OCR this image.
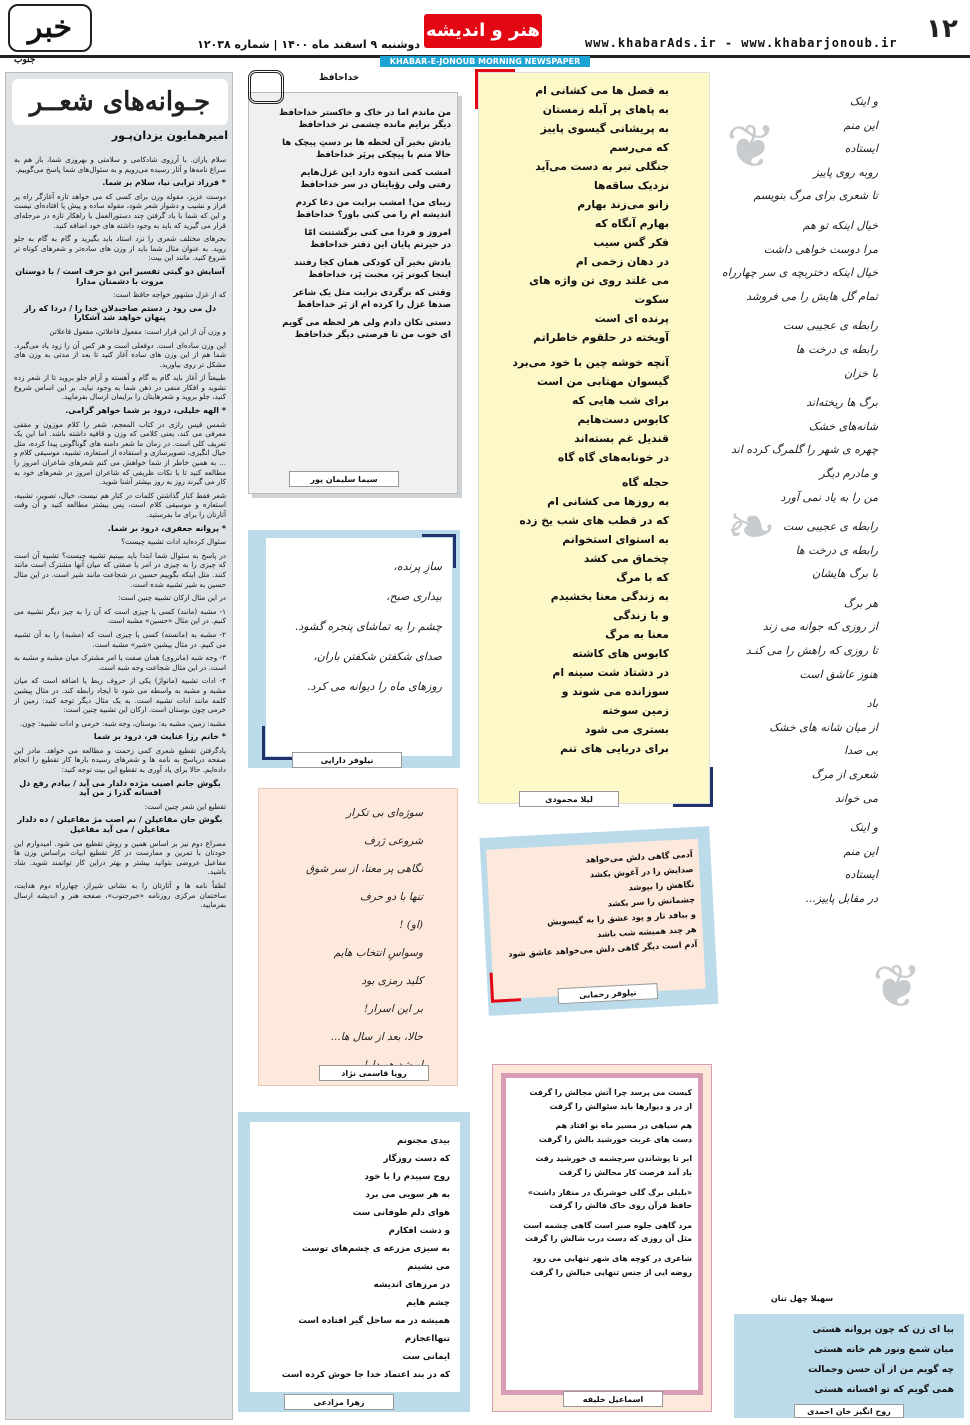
۱۲
www.khabarAds.ir - www.khabarjonoub.ir
هنر و اندیشه
دوشنبه ۹ اسفند ماه ۱۴۰۰ | شماره ۱۲۰۳۸
خبر
جنوب	KHABAR-E-JONOUB MORNING NEWSPAPER
جـوانه‌های شعــر
امیرهمایون یزدان‌پـور

سلام یاران. با آرزوی شادکامی و سلامتی و بهروزی شما، باز هم به سراغ نامه‌ها و آثار رسیده می‌رویم و به سئوال‌های شما پاسخ می‌گوییم.

* فرزاد ترابی نیا، سلام بر شما.

دوست عزیز، مقوله وزن برای کسی که می خواهد تازه آغازگر راه پر فراز و نشیب و دشوار شعر شود، مقوله ساده و پیش پا افتاده‌ای نیست و این که شما با یاد گرفتن چند دستورالعمل یا راهکار تازه در مرحله‌ای قرار می گیرید که باید به وجود داشته های خود اضافه کنید.

بحرهای مختلف شعری را نزد استاد باید بگیرید و گام به گام به جلو روید. به عنوان مثال شما باید از وزن های ساده‌تر و شعرهای کوتاه تر شروع کنید. مانند این بیت:

آسایش دو گیتی تفسیر این دو حرف است / با دوستان مروت با دشمنان مدارا

که از غزل مشهور خواجه حافظ است:

دل می رود ز دستم صاحبدلان خدا را / دردا که راز پنهان خواهد شد آشکارا

و وزن آن از این قرار است: مفعول فاعلاتن، مفعول فاعلاتن

این وزن ساده‌ای است. دوفعلی است و هر کس آن را زود یاد می‌گیرد. شما هم از این وزن های ساده آغاز کنید تا بعد از مدتی به وزن های مشکل تر روی بیاورید.

طبیعتاً از آغاز باید گام به گام و آهسته و آرام جلو بروید تا از شعر زده نشوید و افکار منفی در ذهن شما به وجود نیاید. بر این اساس شروع کنید، جلو بروید و شعرهایتان را برایمان ارسال بفرمایید.

* الهه خلیلی، درود بر شما خواهر گرامی.

شمس قیس رازی در کتاب المعجم، شعر را کلام موزون و مقفی معرفی می کند، یعنی کلامی که وزن و قافیه داشته باشد. اما این یک تعریف کلی است. در زمان ما شعر دامنه های گوناگونی پیدا کرده، مثل خیال انگیزی، تصویرسازی و استفاده از استعاره، تشبیه، موسیقی کلام و ... به همین خاطر از شما خواهش می کنم شعرهای شاعران امروز را مطالعه کنید تا با نکات ظریفی که شاعران امروز در شعرهای خود به کار می گیرند روز به روز بیشتر آشنا شوید.

شعر فقط کنار گذاشتن کلمات در کنار هم نیست، خیال، تصویر، تشبیه، استعاره و موسیقی کلام است، پس بیشتر مطالعه کنید و آن وقت آثارتان را برای ما بفرستید.

* پروانه جعفری، درود بر شما.

سئوال کرده‌اید ادات تشبیه چیست؟

در پاسخ به سئوال شما ابتدا باید ببینیم تشبیه چیست؟ تشبیه آن است که چیزی را به چیزی در امر یا صفتی که میان آنها مشترک است مانند کنند. مثل اینکه بگوییم حسین در شجاعت مانند شیر است. در این مثال حسین به شیر تشبیه شده است.

در این مثال ارکان تشبیه چنین است:

۱- مشبه (مانند) کسی یا چیزی است که آن را به چیز دیگر تشبیه می کنیم. در این مثال «حسین» مشبه است.

۲- مشبه به (مانسته) کسی یا چیزی است که (مشبه) را به آن تشبیه می کنیم. در مثال پیشین «شیر» مشبه است.

۳- وجه شبه (مانروی) همان صفت یا امر مشترک میان مشبه و مشبه به است. در این مثال شجاعت وجه شبه است.

۴- ادات تشبیه (مانواژ) یکی از حروف ربط یا اضافه است که میان مشبه و مشبه به واسطه می شود تا ایجاد رابطه کند. در مثال پیشین کلمه مانند ادات تشبیه است. به یک مثال دیگر توجه کنید: زمین از خرمی چون بوستان است. ارکان این تشبیه چنین است:

مشبه: زمین، مشبه به: بوستان، وجه شبه: خرمی و ادات تشبیه: چون.

* خانم رزا عنایت فر، درود بر شما

یادگرفتن تقطیع شعری کمی زحمت و مطالعه می خواهد. مادر این صفحه درپاسخ به نامه ها و شعرهای رسیده بارها کار تقطیع را انجام داده‌ایم. حالا برای یاد آوری به تقطیع این بیت توجه کنید:

بگوش جانم اصیب مژده دلدار می آید / بیادم رفع دل افسانه گذرا ز من آید

تقطیع این شعر چنین است:

بگوش جان مفاعیلن / نم اصب مژ مفاعیلن / ده دلدار مفاعیلن / می آید مفاعیل

مصراع دوم نیز بر اساس همین و روش تقطیع می شود. امیدوارم این خودتان با تمرین و ممارست در کار تقطیع ابیات براساس وزن ها مفاعیل عروضی بتوانید بیشتر و بهتر دراین کار توانمند شوید. شاد باشید.

لطفاً نامه ها و آثارتان را به نشانی شیراز، چهارراه دوم هدایت، ساختمان مرکزی روزنامه «خبرجنوب»، صفحه هنر و اندیشه ارسال بفرمایید.

خداحافظ
من ماندم اما در خاک و خاکستر خداحافظ
دیگر برایم مانده چشمی تر خداحافظ

یادش بخیر آن لحظه ها بر دستِ پیچک ها
حالا منم با پیچکی پرپَر خداحافظ

امشب کمی اندوه دارد این غزل‌هایم
رفتی ولی رؤیایتان در سر خداحافظ

زیبای من! امشب برایت من دعا کردم
اندیشه ام را می کنی باور؟ خداحافظ

امروز و فردا می کنی برگشتنت امّا
در حیرتم پایان این دفتر خداحافظ

یادش بخیر آن کودکی همان کجا رفتند
اینجا کبوتر پَر، محبت پَر، خداحافظ

وقتی که برگردی برایت مثل یک شاعر
صدها غزل را کرده ام از بَر خداحافظ

دستی تکان دادم ولی هر لحظه می گویم
ای خوب من تا فرصتی دیگر خداحافظ
سیما سلیمان پور
به فصل ها می کشانی ام
به پاهای پر آبله زمستان
به پریشانی گیسوی پاییز
که می‌رسم
جنگلی تبر به دست می‌آید
نزدیک ساقه‌ها
زانو می‌زند بهارم
بهارم آنگاه که
فکر گس سیب
در دهان زخمی ام
می غلتد روی تن واژه های
سکوت
پرنده ای است
آویخته در حلقوم خاطراتم

آنچه خوشه چین با خود می‌برد
گیسوان مهتابی من است
برای شب هایی که
کابوس دست‌هایم
قندیل غم بسته‌اند
در خونابه‌های گاه گاه

حجله گاه
به روزها می کشانی ام
که در قطب های شب یخ زده
به استوای استخوانم
چخماق می کشد
که با مرگ
به زندگی معنا بخشیدم
و با زندگی
معنا به مرگ
کابوس های کاشته
در دشتاد شت سینه ام
سوزانده می شوند و
زمین سوخته
بستری می شود
برای دریایی های تنم
لیلا محمودی
سازِ پرنده،
بیداری صبح،
چشم را به تماشای پنجره گشود.
صدای شکفتن شکفتن باران،
روزهای ماه را دیوانه می کرد.
نیلوفر دارایی
سوژه‌ای بی تکرار
شروعی ژرف
نگاهی پر معنا، از سر شوق
تنها با دو حرف
(او) !
وسواسِ انتخاب هایم
کلید رمزی بود
بر این اسرار!
حالا، بعد از سال ها...
رویا قاسمی نژاد
آدمی گاهی دلش می‌خواهد
صدایش را در آغوش بکشد
نگاهش را بپوشد
چشمانش را سر بکشد
و ببافد تار و پود عشق را به گیسویش
هر چند همیشه شب باشد
آدم است دیگر گاهی دلش می‌خواهد عاشق شود
نیلوفر رحمانی
کیست می پرسد چرا آتش مجالش را گرفت
از در و دیوارها باید سئوالش را گرفت

هم سیاهی در مسیر ماه نو افتاد هم
دست های غربت خورشید بالش را گرفت

ابر تا پوشاندن سرچشمه ی خورشید رفت
باد آمد فرصت کار محالش را گرفت

«بلبلی برگ گلی خوشرنگ در منقار داشت»
حافظ قرآن روی خاک فالش را گرفت

مرد گاهی جلوه صبر است گاهی چشمه است
مثل آن روزی که دست درب شالش را گرفت

شاعری در کوچه های شهر تنهایی می رود
روضه ایی از جنس تنهایی خیالش را گرفت
اسماعیل خلیفه
بیدی مجنونم
که دست روزگار
روح سپیدم را با خود
به هر سویی می برد
هوای دلم طوفانی ست
و دشت افکارم
به سبزی مزرعه ی چشم‌های توست
می نشینم
در مرزهای اندیشه
چشم هایم
همیشه در مه ساحل گیر افتاده است
تنهااعجازم
ایمانی ست
که در بند اعتماد خدا جا خوش کرده است
زهرا مزادعی
❦
❧
❦
و اینک
این منم
ایستاده
روبه روی پاییز
تا شعری برای مرگ بنویسم

خیال اینکه تو هم
مرا دوست خواهی داشت
خیال اینکه دختربچه ی سر چهارراه
تمام گل هایش را می فروشد

رابطه ی عجیبی ست
رابطه ی درخت ها
با خزان

برگ ها ریخته‌اند
شانه‌های خشک
چهره ی شهر را گلمرگ کرده اند
و مادرم دیگر
من را به یاد نمی آورد

رابطه ی عجیبی ست
رابطه ی درخت ها
با برگ هایشان

هر برگ
از روزی که جوانه می زند
تا روزی که راهش را می کنـد
هنوز عاشق است

باد
از میان شانه های خشک
بی صدا
شعری از مرگ
می خواند

و اینک
این منم
ایستاده
در مقابل پاییز...
سهیلا چهل تنان
بیا ای زن که چون پروانه هستی
میان شمع ونور هم خانه هستی
چه گویم من از آن حسن وجمالت
همی گویم که تو افسانه هستی
روح انگیز خان احمدی
